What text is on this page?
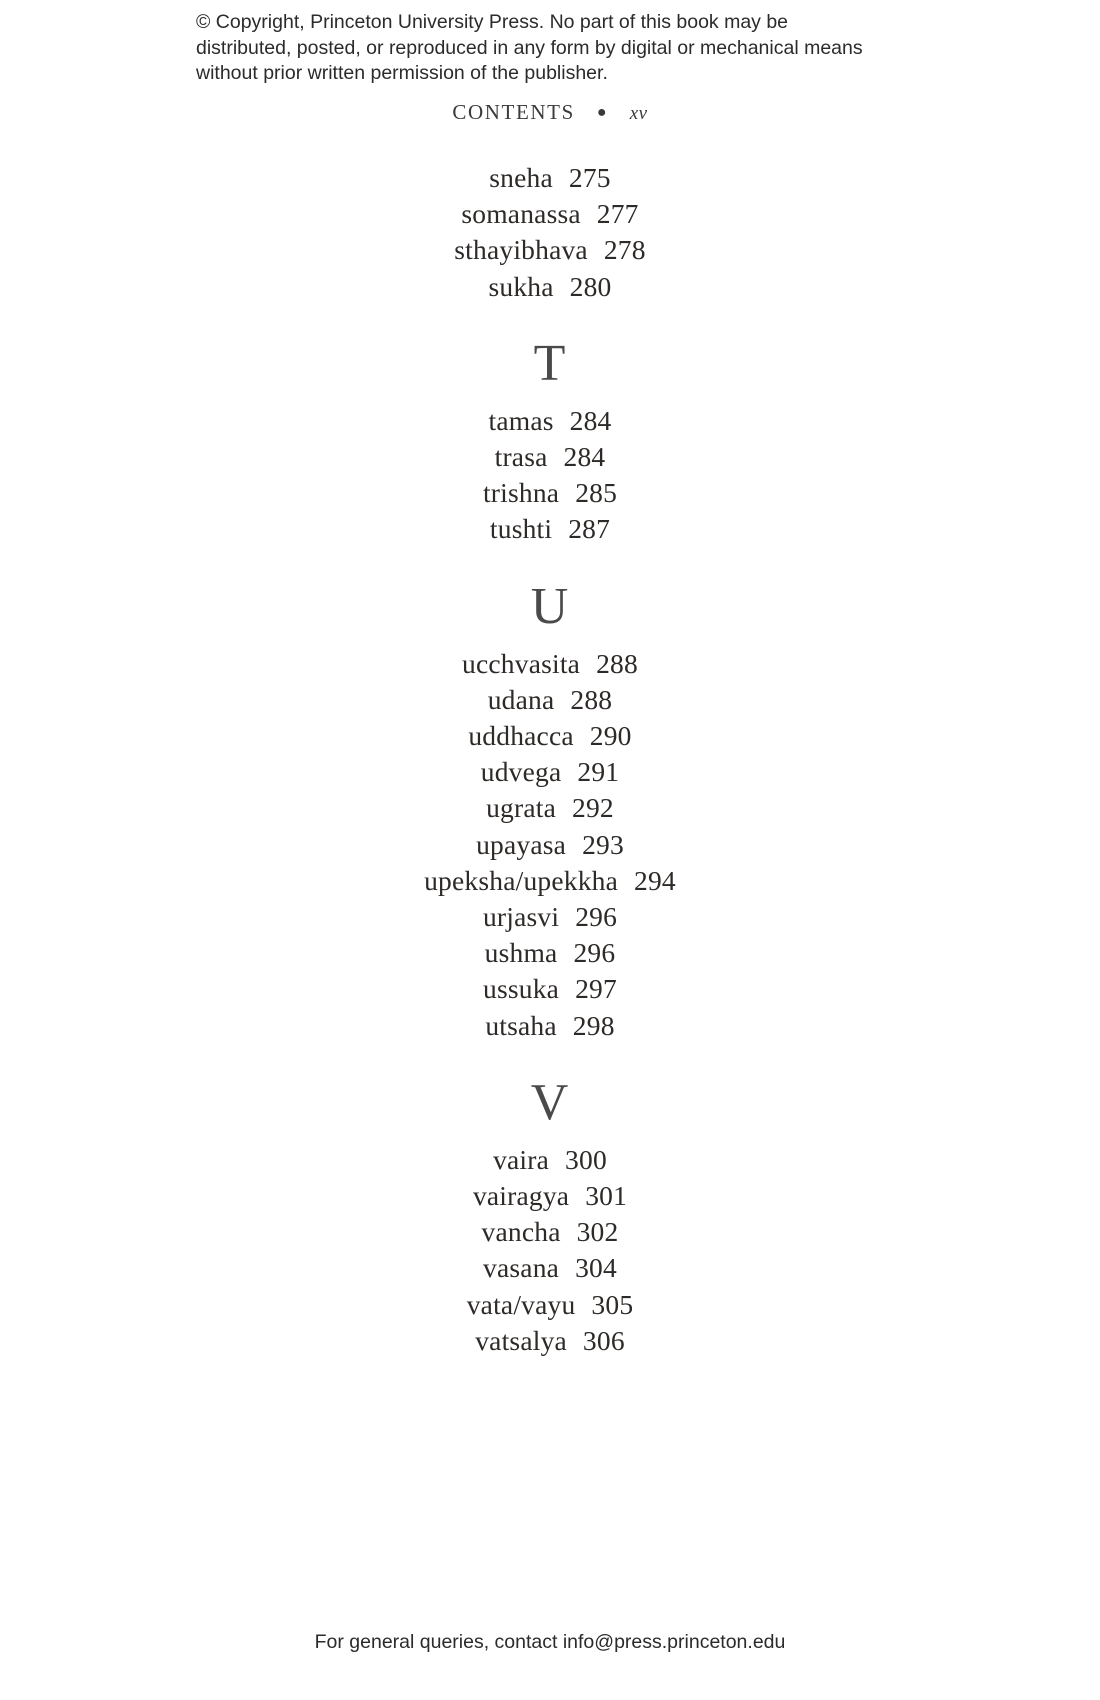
© Copyright, Princeton University Press. No part of this book may be distributed, posted, or reproduced in any form by digital or mechanical means without prior written permission of the publisher.
CONTENTS ● xv
sneha 275
somanassa 277
sthayibhava 278
sukha 280
T
tamas 284
trasa 284
trishna 285
tushti 287
U
ucchvasita 288
udana 288
uddhacca 290
udvega 291
ugrata 292
upayasa 293
upeksha/upekkha 294
urjasvi 296
ushma 296
ussuka 297
utsaha 298
V
vaira 300
vairagya 301
vancha 302
vasana 304
vata/vayu 305
vatsalya 306
For general queries, contact info@press.princeton.edu
